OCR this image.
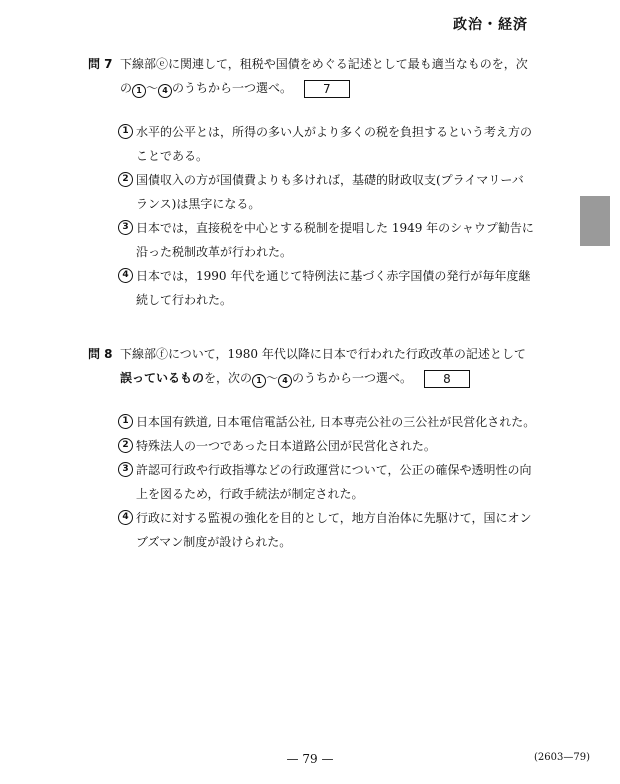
政治・経済
問 7 下線部ⓔに関連して，租税や国債をめぐる記述として最も適当なものを，次
の 1 〜 4 のうちから一つ選べ。	7
1 水平的公平とは，所得の多い人がより多くの税を負担するという考え方の
ことである。
2 国債収入の方が国債費よりも多ければ，基礎的財政収支(プライマリーバ
ランス)は黒字になる。
3 日本では，直接税を中心とする税制を提唱した 1949 年のシャウプ勧告に
沿った税制改革が行われた。
4 日本では，1990 年代を通じて特例法に基づく赤字国債の発行が毎年度継
続して行われた。
問 8 下線部ⓕについて，1980 年代以降に日本で行われた行政改革の記述として
誤っているものを，次の 1 〜 4 のうちから一つ選べ。	8
1 日本国有鉄道, 日本電信電話公社, 日本専売公社の三公社が民営化された。
2 特殊法人の一つであった日本道路公団が民営化された。
3 許認可行政や行政指導などの行政運営について，公正の確保や透明性の向
上を図るため，行政手続法が制定された。
4 行政に対する監視の強化を目的として，地方自治体に先駆けて，国にオン
ブズマン制度が設けられた。
— 79 —	(2603—79)
